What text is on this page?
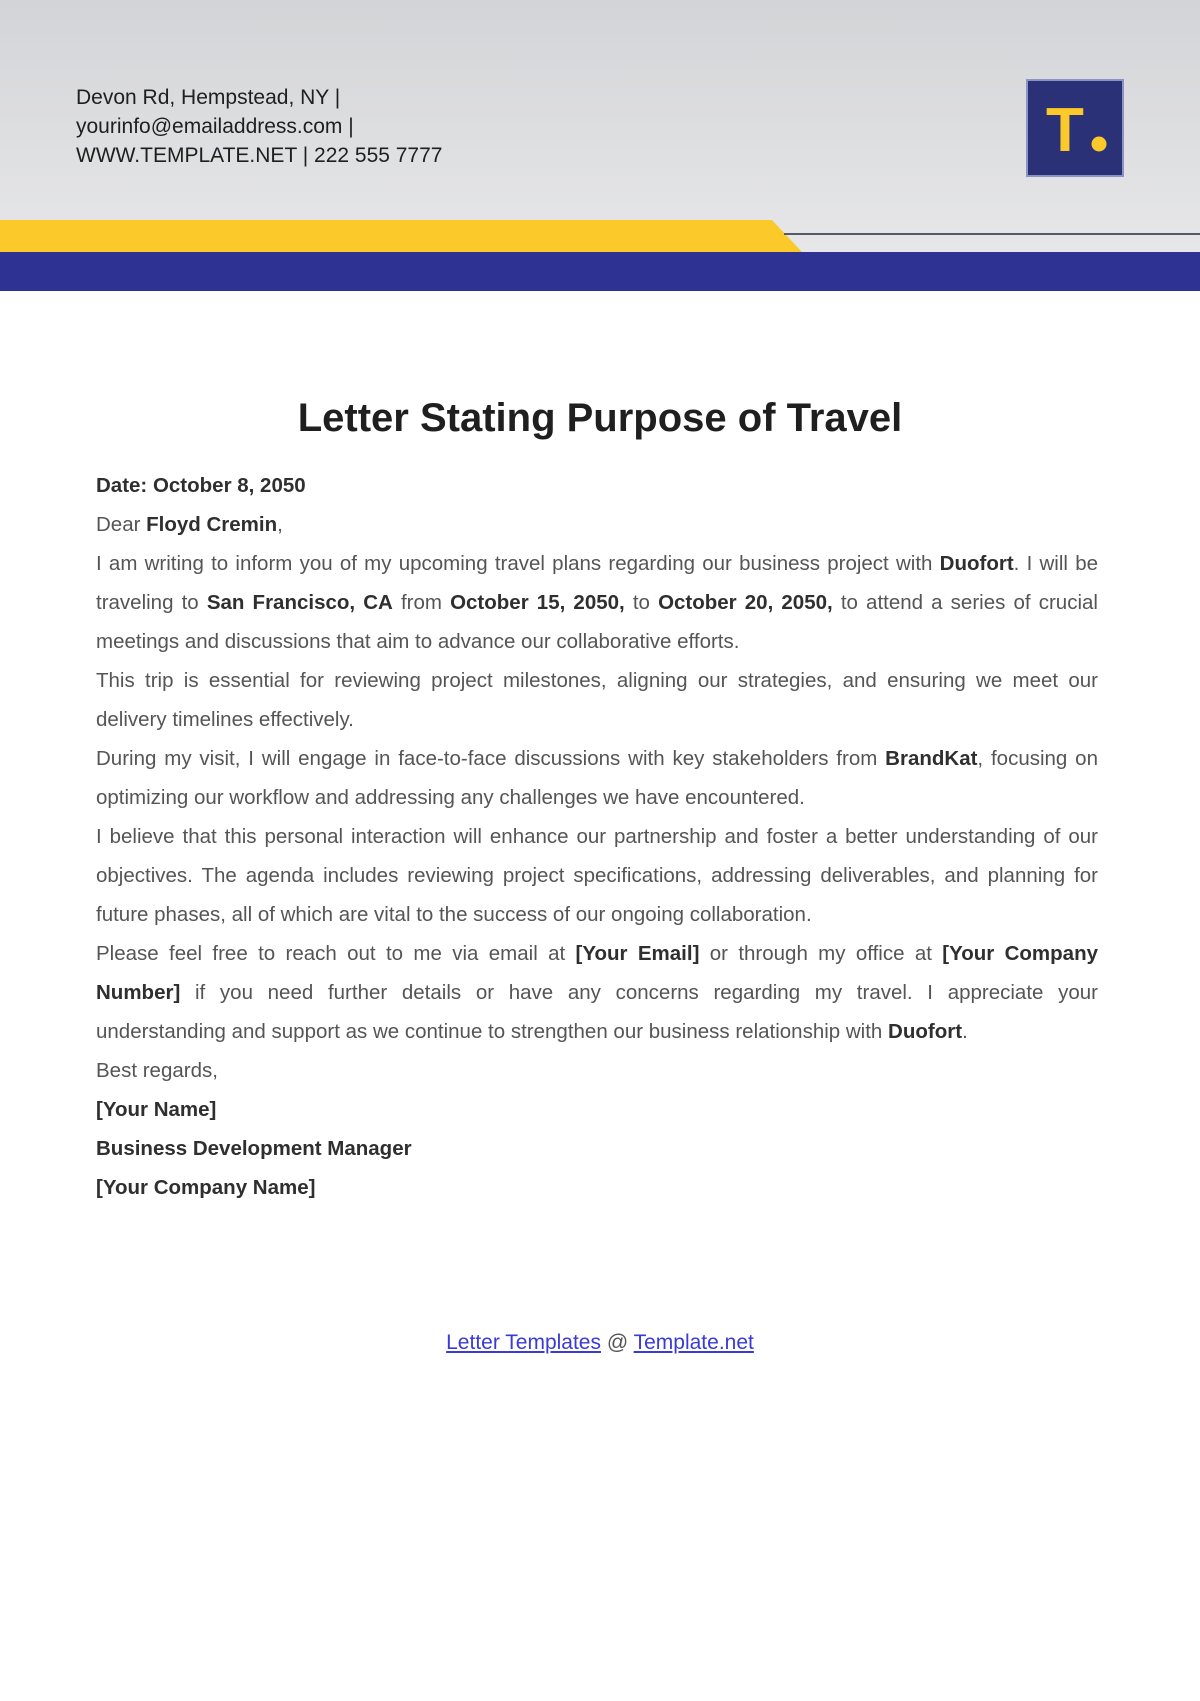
Devon Rd, Hempstead, NY |
yourinfo@emailaddress.com |
WWW.TEMPLATE.NET | 222 555 7777	T
Letter Stating Purpose of Travel

Date: October 8, 2050

Dear Floyd Cremin,

I am writing to inform you of my upcoming travel plans regarding our business project with Duofort. I will be traveling to San Francisco, CA from October 15, 2050, to October 20, 2050, to attend a series of crucial meetings and discussions that aim to advance our collaborative efforts.

This trip is essential for reviewing project milestones, aligning our strategies, and ensuring we meet our delivery timelines effectively.

During my visit, I will engage in face-to-face discussions with key stakeholders from BrandKat, focusing on optimizing our workflow and addressing any challenges we have encountered.

I believe that this personal interaction will enhance our partnership and foster a better understanding of our objectives. The agenda includes reviewing project specifications, addressing deliverables, and planning for future phases, all of which are vital to the success of our ongoing collaboration.

Please feel free to reach out to me via email at [Your Email] or through my office at [Your Company Number] if you need further details or have any concerns regarding my travel. I appreciate your understanding and support as we continue to strengthen our business relationship with Duofort.

Best regards,

[Your Name]

Business Development Manager

[Your Company Name]

Letter Templates @ Template.net
